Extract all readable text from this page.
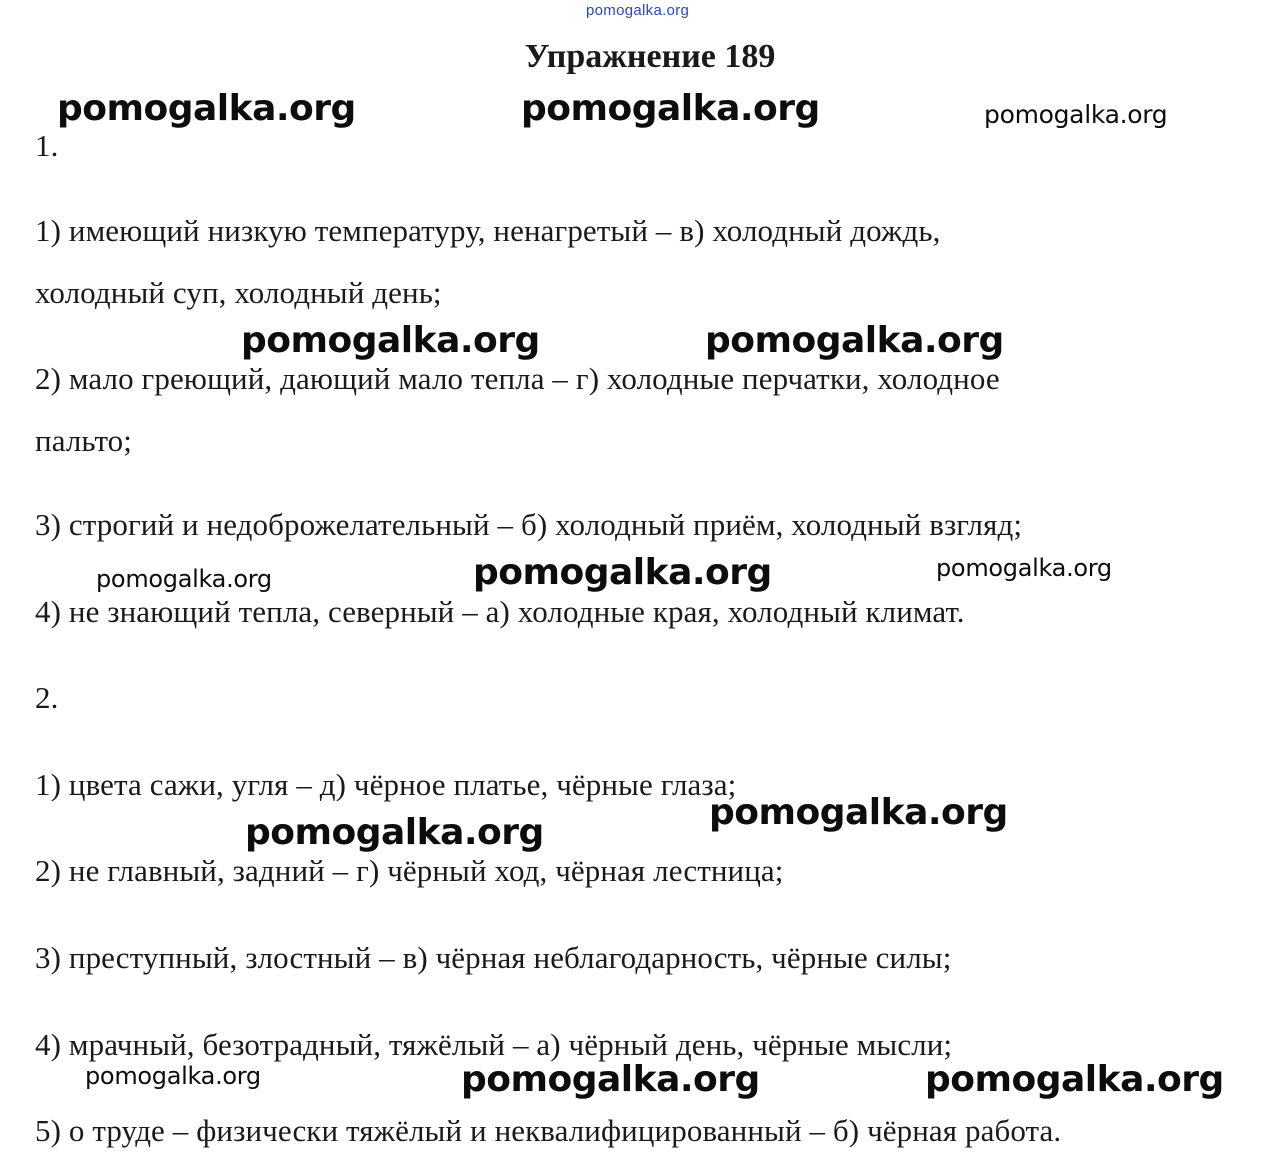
pomogalka.org
Упражнение 189
1.
1) имеющий низкую температуру, ненагретый – в) холодный дождь,
холодный суп, холодный день;
2) мало греющий, дающий мало тепла – г) холодные перчатки, холодное
пальто;
3) строгий и недоброжелательный – б) холодный приём, холодный взгляд;
4) не знающий тепла, северный – а) холодные края, холодный климат.
2.
1) цвета сажи, угля – д) чёрное платье, чёрные глаза;
2) не главный, задний – г) чёрный ход, чёрная лестница;
3) преступный, злостный – в) чёрная неблагодарность, чёрные силы;
4) мрачный, безотрадный, тяжёлый – а) чёрный день, чёрные мысли;
5) о труде – физически тяжёлый и неквалифицированный – б) чёрная работа.
pomogalka.org	pomogalka.org	pomogalka.org
pomogalka.org	pomogalka.org
pomogalka.org	pomogalka.org	pomogalka.org
pomogalka.org
pomogalka.org
pomogalka.org	pomogalka.org	pomogalka.org
